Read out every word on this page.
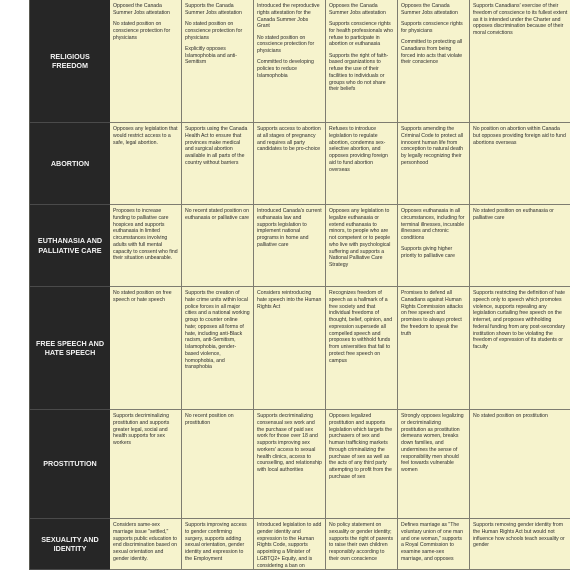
RELIGIOUS FREEDOM

Opposed the Canada Summer Jobs attestation

No stated position on conscience protection for physicians

Supports the Canada Summer Jobs attestation

No stated position on conscience protection for physicians

Explicitly opposes Islamophobia and anti-Semitism

Introduced the reproductive rights attestation for the Canada Summer Jobs Grant

No stated position on conscience protection for physicians

Committed to developing policies to reduce Islamophobia

Opposes the Canada Summer Jobs attestation

Supports conscience rights for health professionals who refuse to participate in abortion or euthanasia

Supports the right of faith-based organizations to refuse the use of their facilities to individuals or groups who do not share their beliefs

Opposes the Canada Summer Jobs attestation

Supports conscience rights for physicians

Committed to protecting all Canadians from being forced into acts that violate their conscience

Supports Canadians' exercise of their freedom of conscience to its fullest extent as it is intended under the Charter and opposes discrimination because of their moral convictions

ABORTION

Opposes any legislation that would restrict access to a safe, legal abortion.

Supports using the Canada Health Act to ensure that provinces make medical and surgical abortion available in all parts of the country without barriers

Supports access to abortion at all stages of pregnancy and requires all party candidates to be pro-choice

Refuses to introduce legislation to regulate abortion, condemns sex-selective abortion, and opposes providing foreign aid to fund abortion overseas

Supports amending the Criminal Code to protect all innocent human life from conception to natural death by legally recognizing their personhood

No position on abortion within Canada but opposes providing foreign aid to fund abortions overseas

EUTHANASIA AND PALLIATIVE CARE

Proposes to increase funding to palliative care hospices and supports euthanasia in limited circumstances involving adults with full mental capacity to consent who find their situation unbearable.

No recent stated position on euthanasia or palliative care

Introduced Canada's current euthanasia law and supports legislation to implement national programs in home and palliative care

Opposes any legislation to legalize euthanasia or extend euthanasia to minors, to people who are not competent or to people who live with psychological suffering and supports a National Palliative Care Strategy

Opposes euthanasia in all circumstances, including for terminal illnesses, incurable illnesses and chronic conditions

Supports giving higher priority to palliative care

No stated position on euthanasia or palliative care

FREE SPEECH AND HATE SPEECH

No stated position on free speech or hate speech

Supports the creation of hate crime units within local police forces in all major cities and a national working group to counter online hate; opposes all forms of hate, including anti-Black racism, anti-Semitism, Islamophobia, gender-based violence, homophobia, and transphobia

Considers reintroducing hate speech into the Human Rights Act

Recognizes freedom of speech as a hallmark of a free society and that individual freedoms of thought, belief, opinion, and expression supersede all compelled speech and proposes to withhold funds from universities that fail to protect free speech on campus

Promises to defend all Canadians against Human Rights Commission attacks on free speech and promises to always protect the freedom to speak the truth

Supports restricting the definition of hate speech only to speech which promotes violence, supports repealing any legislation curtailing free speech on the internet, and proposes withholding federal funding from any post-secondary institution shown to be violating the freedom of expression of its students or faculty

PROSTITUTION

Supports decriminalizing prostitution and supports greater legal, social and health supports for sex workers

No recent position on prostitution

Supports decriminalizing consensual sex work and the purchase of paid sex work for those over 18 and supports improving sex workers' access to sexual health clinics, access to counselling, and relationship with local authorities

Opposes legalized prostitution and supports legislation which targets the purchasers of sex and human trafficking markets through criminalizing the purchase of sex as well as the acts of any third party attempting to profit from the purchase of sex

Strongly opposes legalizing or decriminalizing prostitution as prostitution demeans women, breaks down families, and undermines the sense of responsibility men should feel towards vulnerable women

No stated position on prostitution

SEXUALITY AND IDENTITY

Considers same-sex marriage issue "settled," supports public education to end discrimination based on sexual orientation and gender identity.

Supports improving access to gender confirming surgery, supports adding sexual orientation, gender identity and expression to the Employment

Introduced legislation to add gender identity and expression to the Human Rights Code, supports appointing a Minister of LGBTQ2+ Equity, and is considering a ban on

No policy statement on sexuality or gender identity; supports the right of parents to raise their own children responsibly according to their own conscience

Defines marriage as "The voluntary union of one man and one woman," supports a Royal Commission to examine same-sex marriage, and opposes

Supports removing gender identity from the Human Rights Act but would not influence how schools teach sexuality or gender
